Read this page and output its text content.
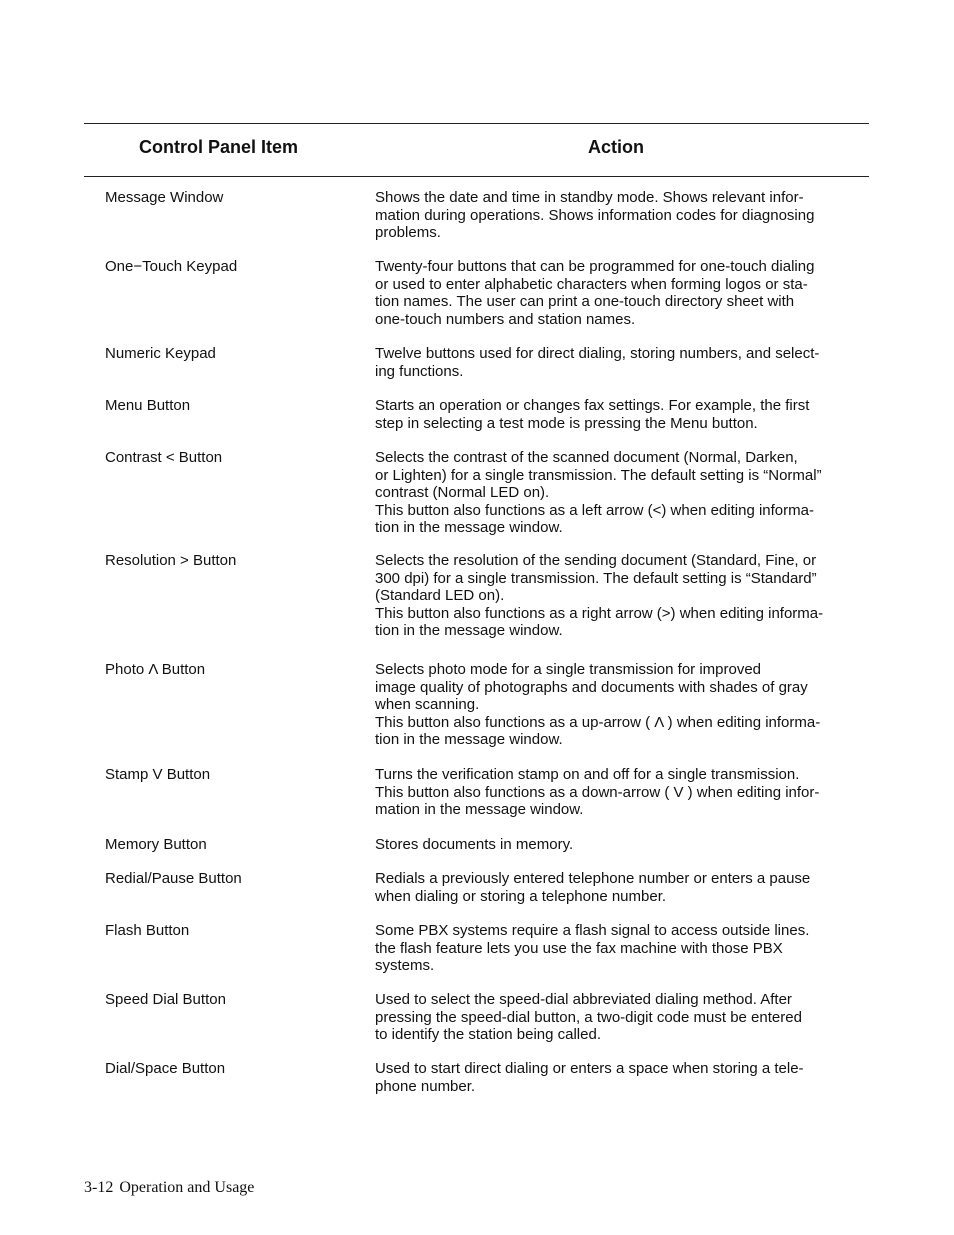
Control Panel Item	Action
Message Window	Shows the date and time in standby mode. Shows relevant infor-
mation during operations. Shows information codes for diagnosing
problems.
One−Touch Keypad	Twenty-four buttons that can be programmed for one-touch dialing
or used to enter alphabetic characters when forming logos or sta-
tion names. The user can print a one-touch directory sheet with
one-touch numbers and station names.
Numeric Keypad	Twelve buttons used for direct dialing, storing numbers, and select-
ing functions.
Menu Button	Starts an operation or changes fax settings. For example, the first
step in selecting a test mode is pressing the Menu button.
Contrast < Button	Selects the contrast of the scanned document (Normal, Darken,
or Lighten) for a single transmission. The default setting is “Normal”
contrast (Normal LED on).
This button also functions as a left arrow (<) when editing informa-
tion in the message window.
Resolution > Button	Selects the resolution of the sending document (Standard, Fine, or
300 dpi) for a single transmission. The default setting is “Standard”
(Standard LED on).
This button also functions as a right arrow (>) when editing informa-
tion in the message window.
Photo Λ Button	Selects photo mode for a single transmission for improved
image quality of photographs and documents with shades of gray
when scanning.
This button also functions as a up-arrow ( Λ ) when editing informa-
tion in the message window.
Stamp V Button	Turns the verification stamp on and off for a single transmission.
This button also functions as a down-arrow ( V ) when editing infor-
mation in the message window.
Memory Button	Stores documents in memory.
Redial/Pause Button	Redials a previously entered telephone number or enters a pause
when dialing or storing a telephone number.
Flash Button	Some PBX systems require a flash signal to access outside lines.
the flash feature lets you use the fax machine with those PBX
systems.
Speed Dial Button	Used to select the speed-dial abbreviated dialing method. After
pressing the speed-dial button, a two-digit code must be entered
to identify the station being called.
Dial/Space Button	Used to start direct dialing or enters a space when storing a tele-
phone number.
3-12 Operation and Usage
